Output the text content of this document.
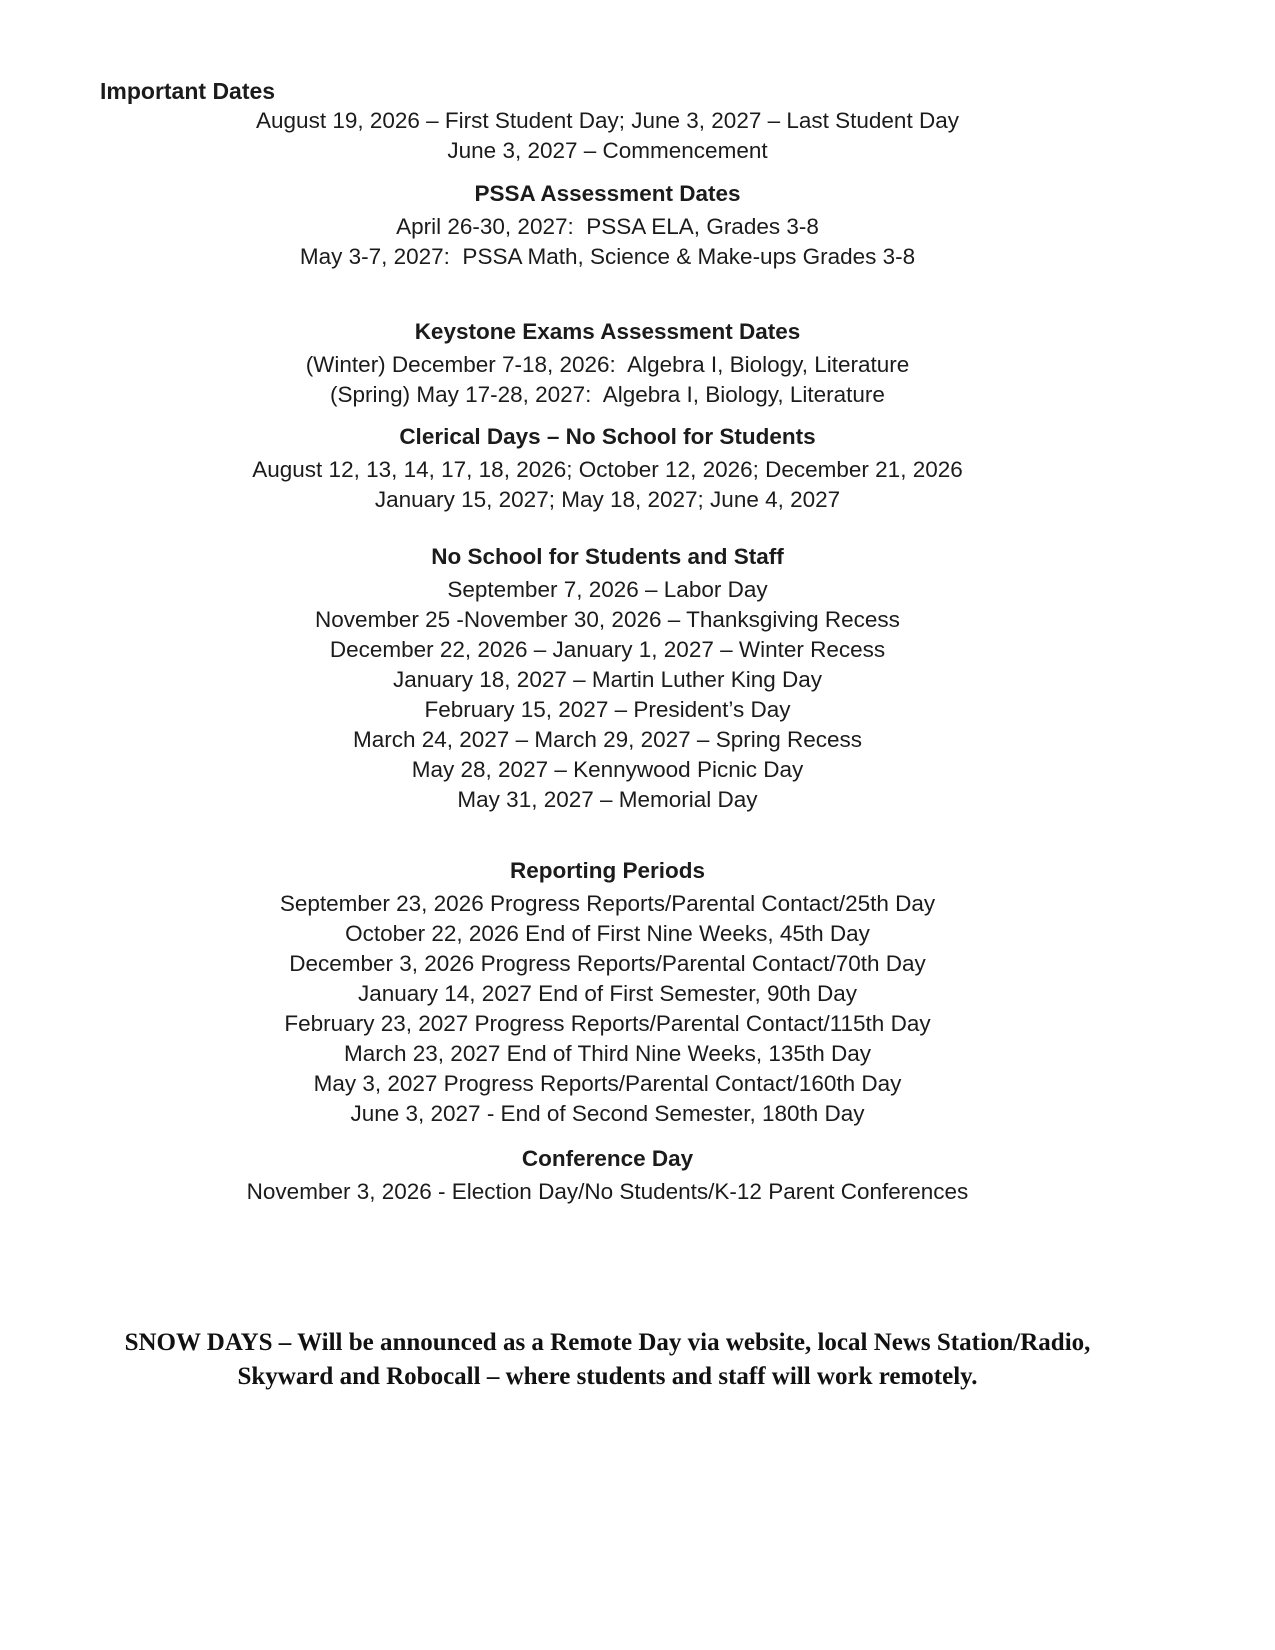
Important Dates

August 19, 2026 – First Student Day; June 3, 2027 – Last Student Day

June 3, 2027 – Commencement

PSSA Assessment Dates

April 26-30, 2027:  PSSA ELA, Grades 3-8

May 3-7, 2027:  PSSA Math, Science & Make-ups Grades 3-8

Keystone Exams Assessment Dates

(Winter) December 7-18, 2026:  Algebra I, Biology, Literature

(Spring) May 17-28, 2027:  Algebra I, Biology, Literature

Clerical Days – No School for Students

August 12, 13, 14, 17, 18, 2026; October 12, 2026; December 21, 2026

January 15, 2027; May 18, 2027; June 4, 2027

No School for Students and Staff

September 7, 2026 – Labor Day

November 25 -November 30, 2026 – Thanksgiving Recess

December 22, 2026 – January 1, 2027 – Winter Recess

January 18, 2027 – Martin Luther King Day

February 15, 2027 – President’s Day

March 24, 2027 – March 29, 2027 – Spring Recess

May 28, 2027 – Kennywood Picnic Day

May 31, 2027 – Memorial Day

Reporting Periods

September 23, 2026 Progress Reports/Parental Contact/25th Day

October 22, 2026 End of First Nine Weeks, 45th Day

December 3, 2026 Progress Reports/Parental Contact/70th Day

January 14, 2027 End of First Semester, 90th Day

February 23, 2027 Progress Reports/Parental Contact/115th Day

March 23, 2027 End of Third Nine Weeks, 135th Day

May 3, 2027 Progress Reports/Parental Contact/160th Day

June 3, 2027 - End of Second Semester, 180th Day

Conference Day

November 3, 2026 - Election Day/No Students/K-12 Parent Conferences

SNOW DAYS – Will be announced as a Remote Day via website, local News Station/Radio,
Skyward and Robocall – where students and staff will work remotely.
